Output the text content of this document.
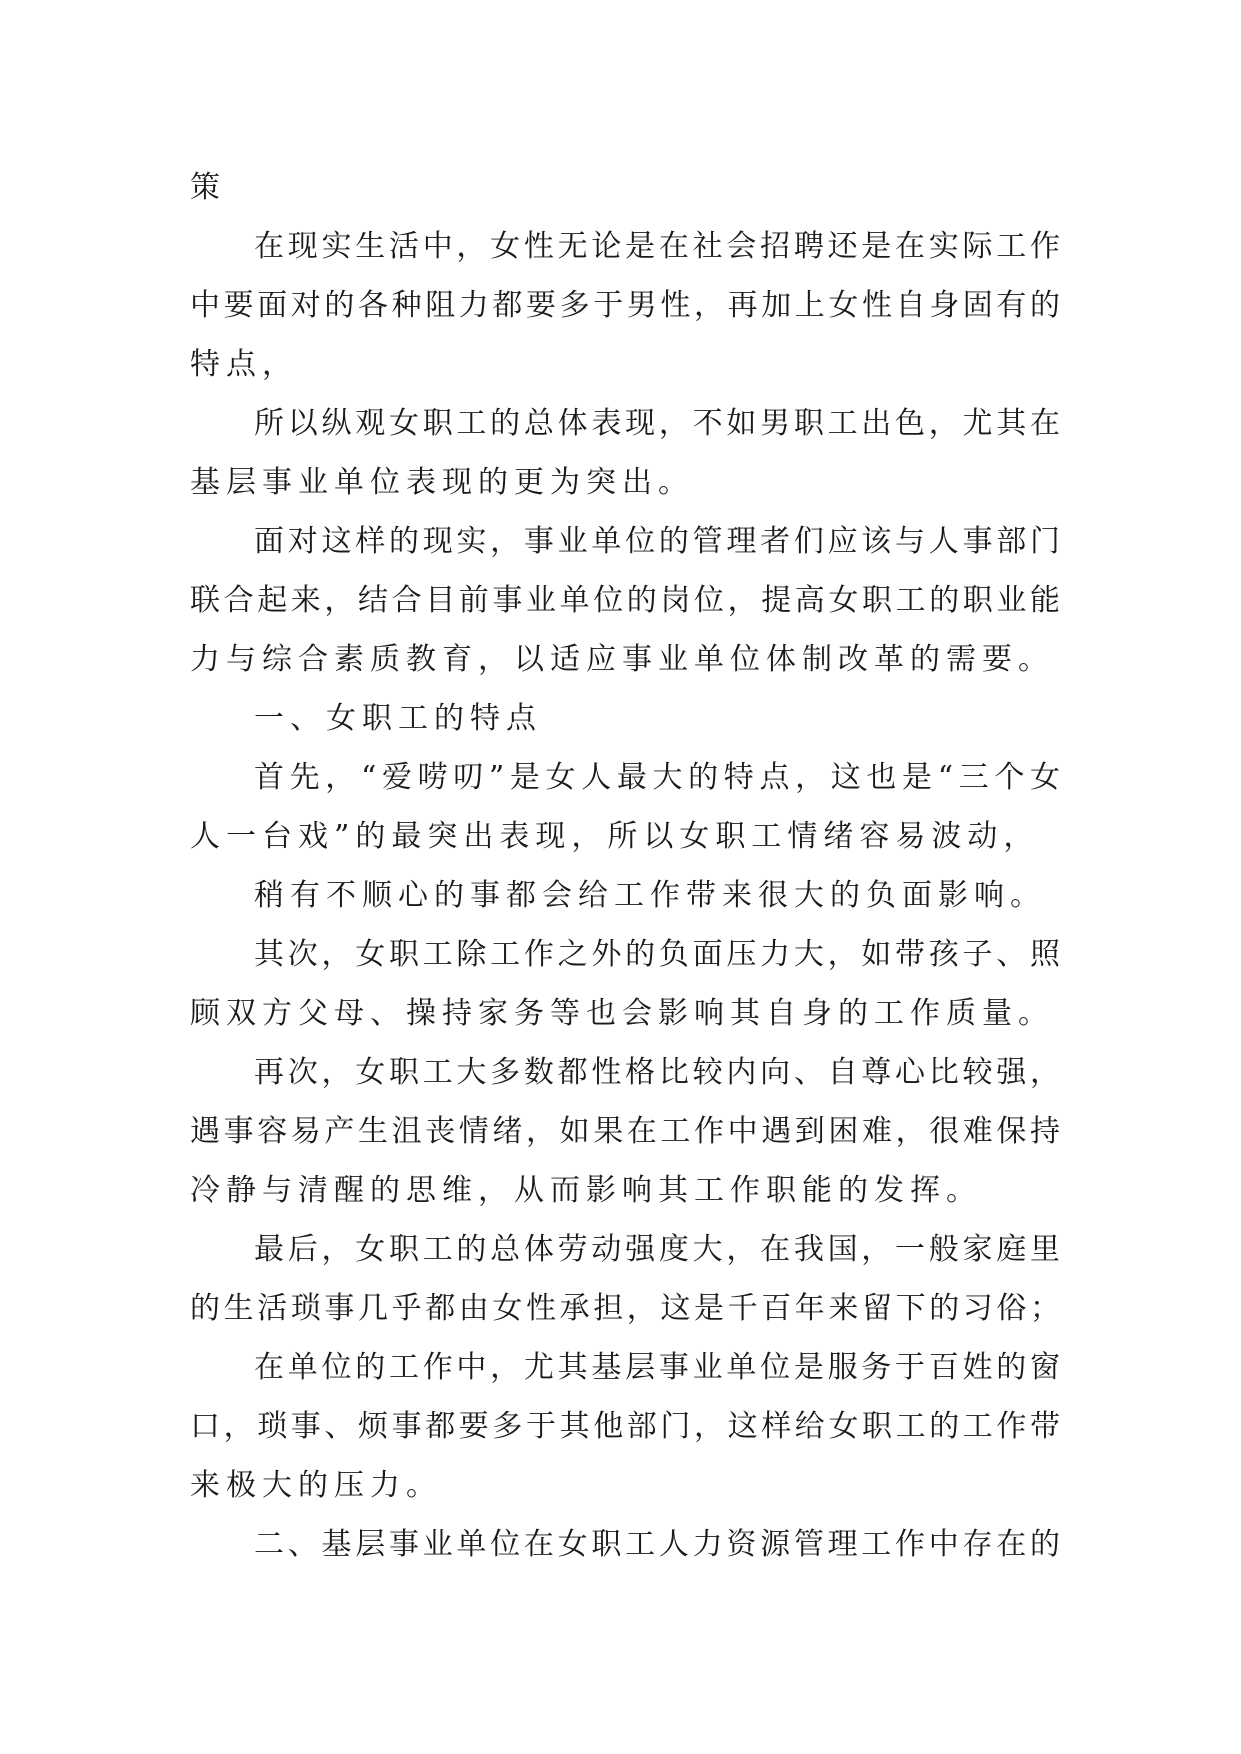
策
在现实生活中，女性无论是在社会招聘还是在实际工作
中要面对的各种阻力都要多于男性，再加上女性自身固有的
特点，
所以纵观女职工的总体表现，不如男职工出色，尤其在
基层事业单位表现的更为突出。
面对这样的现实，事业单位的管理者们应该与人事部门
联合起来，结合目前事业单位的岗位，提高女职工的职业能
力与综合素质教育，以适应事业单位体制改革的需要。
一、女职工的特点
首先，“爱唠叨”是女人最大的特点，这也是“三个女
人一台戏”的最突出表现，所以女职工情绪容易波动，
稍有不顺心的事都会给工作带来很大的负面影响。
其次，女职工除工作之外的负面压力大，如带孩子、照
顾双方父母、操持家务等也会影响其自身的工作质量。
再次，女职工大多数都性格比较内向、自尊心比较强，
遇事容易产生沮丧情绪，如果在工作中遇到困难，很难保持
冷静与清醒的思维，从而影响其工作职能的发挥。
最后，女职工的总体劳动强度大，在我国，一般家庭里
的生活琐事几乎都由女性承担，这是千百年来留下的习俗；
在单位的工作中，尤其基层事业单位是服务于百姓的窗
口，琐事、烦事都要多于其他部门，这样给女职工的工作带
来极大的压力。
二、基层事业单位在女职工人力资源管理工作中存在的
